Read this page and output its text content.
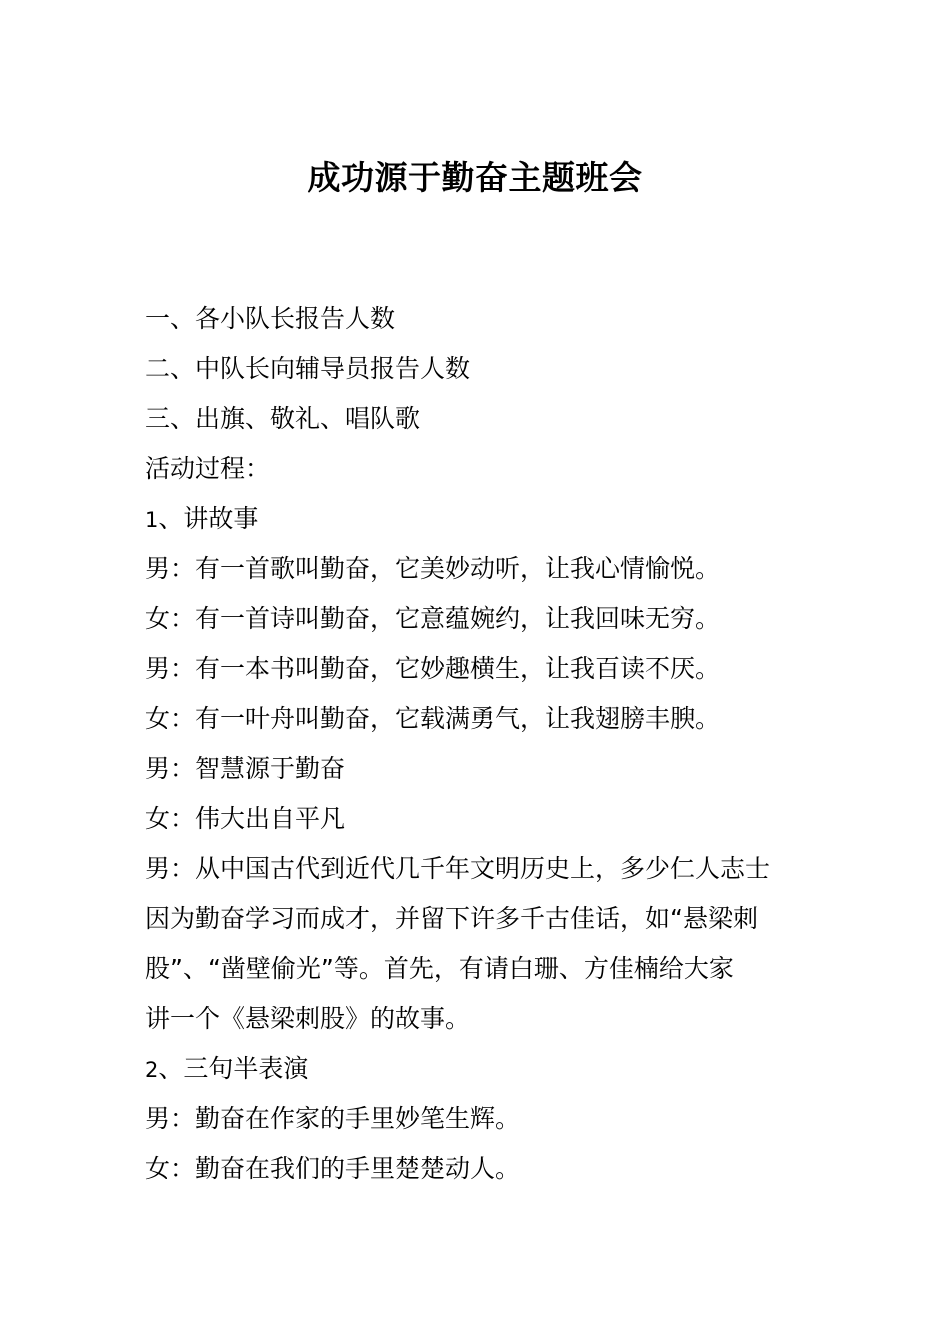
成功源于勤奋主题班会
一、各小队长报告人数
二、中队长向辅导员报告人数
三、出旗、敬礼、唱队歌
活动过程：
1、讲故事
男：有一首歌叫勤奋，它美妙动听，让我心情愉悦。
女：有一首诗叫勤奋，它意蕴婉约，让我回味无穷。
男：有一本书叫勤奋，它妙趣横生，让我百读不厌。
女：有一叶舟叫勤奋，它载满勇气，让我翅膀丰腴。
男：智慧源于勤奋
女：伟大出自平凡
男：从中国古代到近代几千年文明历史上，多少仁人志士
因为勤奋学习而成才，并留下许多千古佳话，如“悬梁刺
股”、“凿壁偷光”等。首先，有请白珊、方佳楠给大家
讲一个《悬梁刺股》的故事。
2、三句半表演
男：勤奋在作家的手里妙笔生辉。
女：勤奋在我们的手里楚楚动人。
